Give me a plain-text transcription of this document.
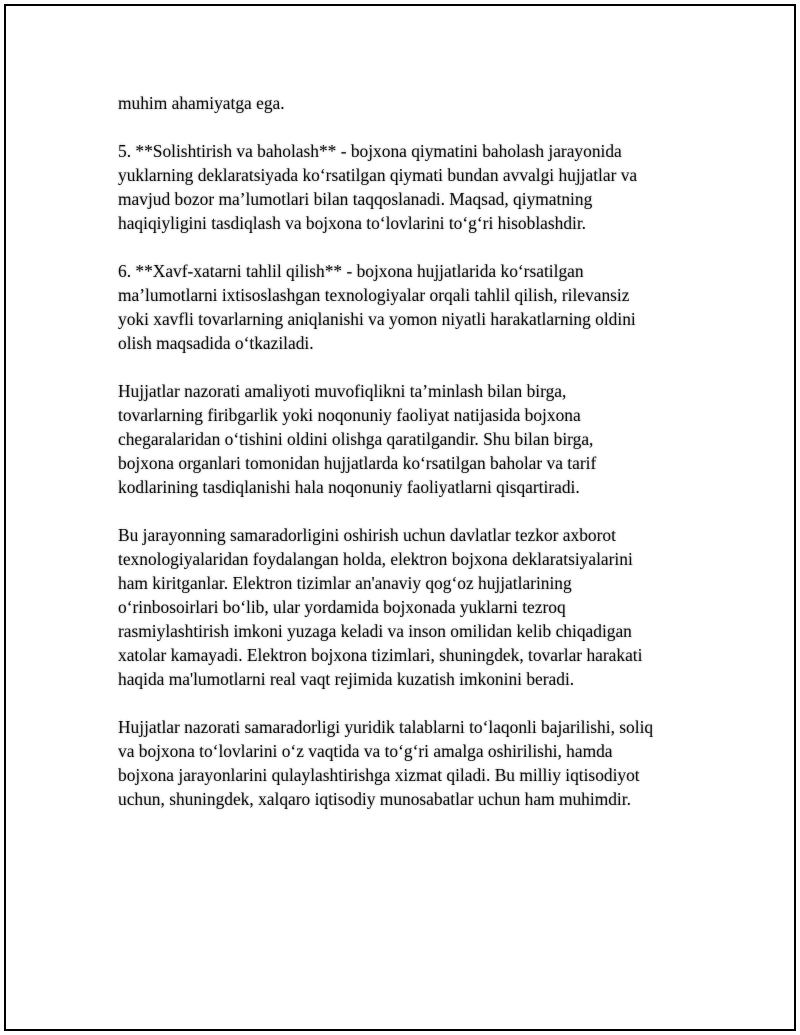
muhim ahamiyatga ega.
5. **Solishtirish va baholash** - bojxona qiymatini baholash jarayonida
yuklarning deklaratsiyada koʻrsatilgan qiymati bundan avvalgi hujjatlar va
mavjud bozor maʼlumotlari bilan taqqoslanadi. Maqsad, qiymatning
haqiqiyligini tasdiqlash va bojxona toʻlovlarini toʻgʻri hisoblashdir.
6. **Xavf-xatarni tahlil qilish** - bojxona hujjatlarida koʻrsatilgan
maʼlumotlarni ixtisoslashgan texnologiyalar orqali tahlil qilish, rilevansiz
yoki xavfli tovarlarning aniqlanishi va yomon niyatli harakatlarning oldini
olish maqsadida oʻtkaziladi.
Hujjatlar nazorati amaliyoti muvofiqlikni taʼminlash bilan birga,
tovarlarning firibgarlik yoki noqonuniy faoliyat natijasida bojxona
chegaralaridan oʻtishini oldini olishga qaratilgandir. Shu bilan birga,
bojxona organlari tomonidan hujjatlarda koʻrsatilgan baholar va tarif
kodlarining tasdiqlanishi hala noqonuniy faoliyatlarni qisqartiradi.
Bu jarayonning samaradorligini oshirish uchun davlatlar tezkor axborot
texnologiyalaridan foydalangan holda, elektron bojxona deklaratsiyalarini
ham kiritganlar. Elektron tizimlar an'anaviy qogʻoz hujjatlarining
oʻrinbosoirlari boʻlib, ular yordamida bojxonada yuklarni tezroq
rasmiylashtirish imkoni yuzaga keladi va inson omilidan kelib chiqadigan
xatolar kamayadi. Elektron bojxona tizimlari, shuningdek, tovarlar harakati
haqida ma'lumotlarni real vaqt rejimida kuzatish imkonini beradi.
Hujjatlar nazorati samaradorligi yuridik talablarni toʻlaqonli bajarilishi, soliq
va bojxona toʻlovlarini oʻz vaqtida va toʻgʻri amalga oshirilishi, hamda
bojxona jarayonlarini qulaylashtirishga xizmat qiladi. Bu milliy iqtisodiyot
uchun, shuningdek, xalqaro iqtisodiy munosabatlar uchun ham muhimdir.
